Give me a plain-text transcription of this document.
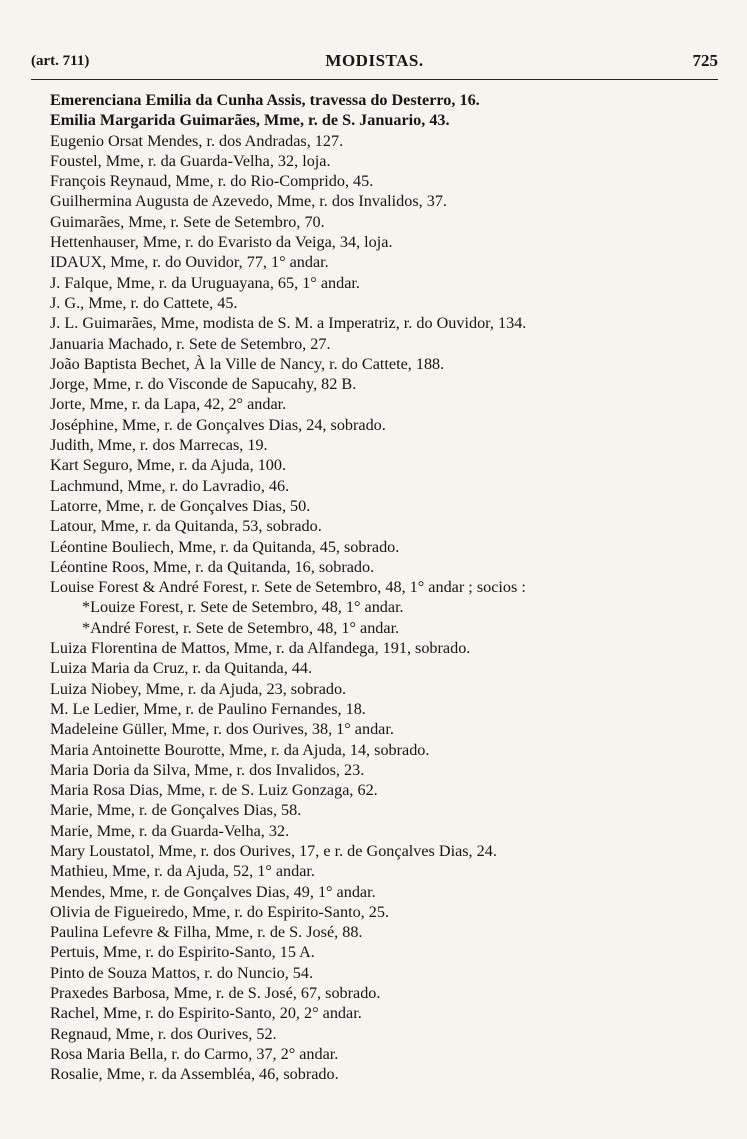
(art. 711)	MODISTAS.	725
Emerenciana Emilia da Cunha Assis, travessa do Desterro, 16.
Emilia Margarida Guimarães, Mme, r. de S. Januario, 43.
Eugenio Orsat Mendes, r. dos Andradas, 127.
Foustel, Mme, r. da Guarda-Velha, 32, loja.
François Reynaud, Mme, r. do Rio-Comprido, 45.
Guilhermina Augusta de Azevedo, Mme, r. dos Invalidos, 37.
Guimarães, Mme, r. Sete de Setembro, 70.
Hettenhauser, Mme, r. do Evaristo da Veiga, 34, loja.
IDAUX, Mme, r. do Ouvidor, 77, 1° andar.
J. Falque, Mme, r. da Uruguayana, 65, 1° andar.
J. G., Mme, r. do Cattete, 45.
J. L. Guimarães, Mme, modista de S. M. a Imperatriz, r. do Ouvidor, 134.
Januaria Machado, r. Sete de Setembro, 27.
João Baptista Bechet, À la Ville de Nancy, r. do Cattete, 188.
Jorge, Mme, r. do Visconde de Sapucahy, 82 B.
Jorte, Mme, r. da Lapa, 42, 2° andar.
Joséphine, Mme, r. de Gonçalves Dias, 24, sobrado.
Judith, Mme, r. dos Marrecas, 19.
Kart Seguro, Mme, r. da Ajuda, 100.
Lachmund, Mme, r. do Lavradio, 46.
Latorre, Mme, r. de Gonçalves Dias, 50.
Latour, Mme, r. da Quitanda, 53, sobrado.
Léontine Bouliech, Mme, r. da Quitanda, 45, sobrado.
Léontine Roos, Mme, r. da Quitanda, 16, sobrado.
Louise Forest & André Forest, r. Sete de Setembro, 48, 1° andar ; socios :
*Louize Forest, r. Sete de Setembro, 48, 1° andar.
*André Forest, r. Sete de Setembro, 48, 1° andar.
Luiza Florentina de Mattos, Mme, r. da Alfandega, 191, sobrado.
Luiza Maria da Cruz, r. da Quitanda, 44.
Luiza Niobey, Mme, r. da Ajuda, 23, sobrado.
M. Le Ledier, Mme, r. de Paulino Fernandes, 18.
Madeleine Güller, Mme, r. dos Ourives, 38, 1° andar.
Maria Antoinette Bourotte, Mme, r. da Ajuda, 14, sobrado.
Maria Doria da Silva, Mme, r. dos Invalidos, 23.
Maria Rosa Dias, Mme, r. de S. Luiz Gonzaga, 62.
Marie, Mme, r. de Gonçalves Dias, 58.
Marie, Mme, r. da Guarda-Velha, 32.
Mary Loustatol, Mme, r. dos Ourives, 17, e r. de Gonçalves Dias, 24.
Mathieu, Mme, r. da Ajuda, 52, 1° andar.
Mendes, Mme, r. de Gonçalves Dias, 49, 1° andar.
Olivia de Figueiredo, Mme, r. do Espirito-Santo, 25.
Paulina Lefevre & Filha, Mme, r. de S. José, 88.
Pertuis, Mme, r. do Espirito-Santo, 15 A.
Pinto de Souza Mattos, r. do Nuncio, 54.
Praxedes Barbosa, Mme, r. de S. José, 67, sobrado.
Rachel, Mme, r. do Espirito-Santo, 20, 2° andar.
Regnaud, Mme, r. dos Ourives, 52.
Rosa Maria Bella, r. do Carmo, 37, 2° andar.
Rosalie, Mme, r. da Assembléa, 46, sobrado.
